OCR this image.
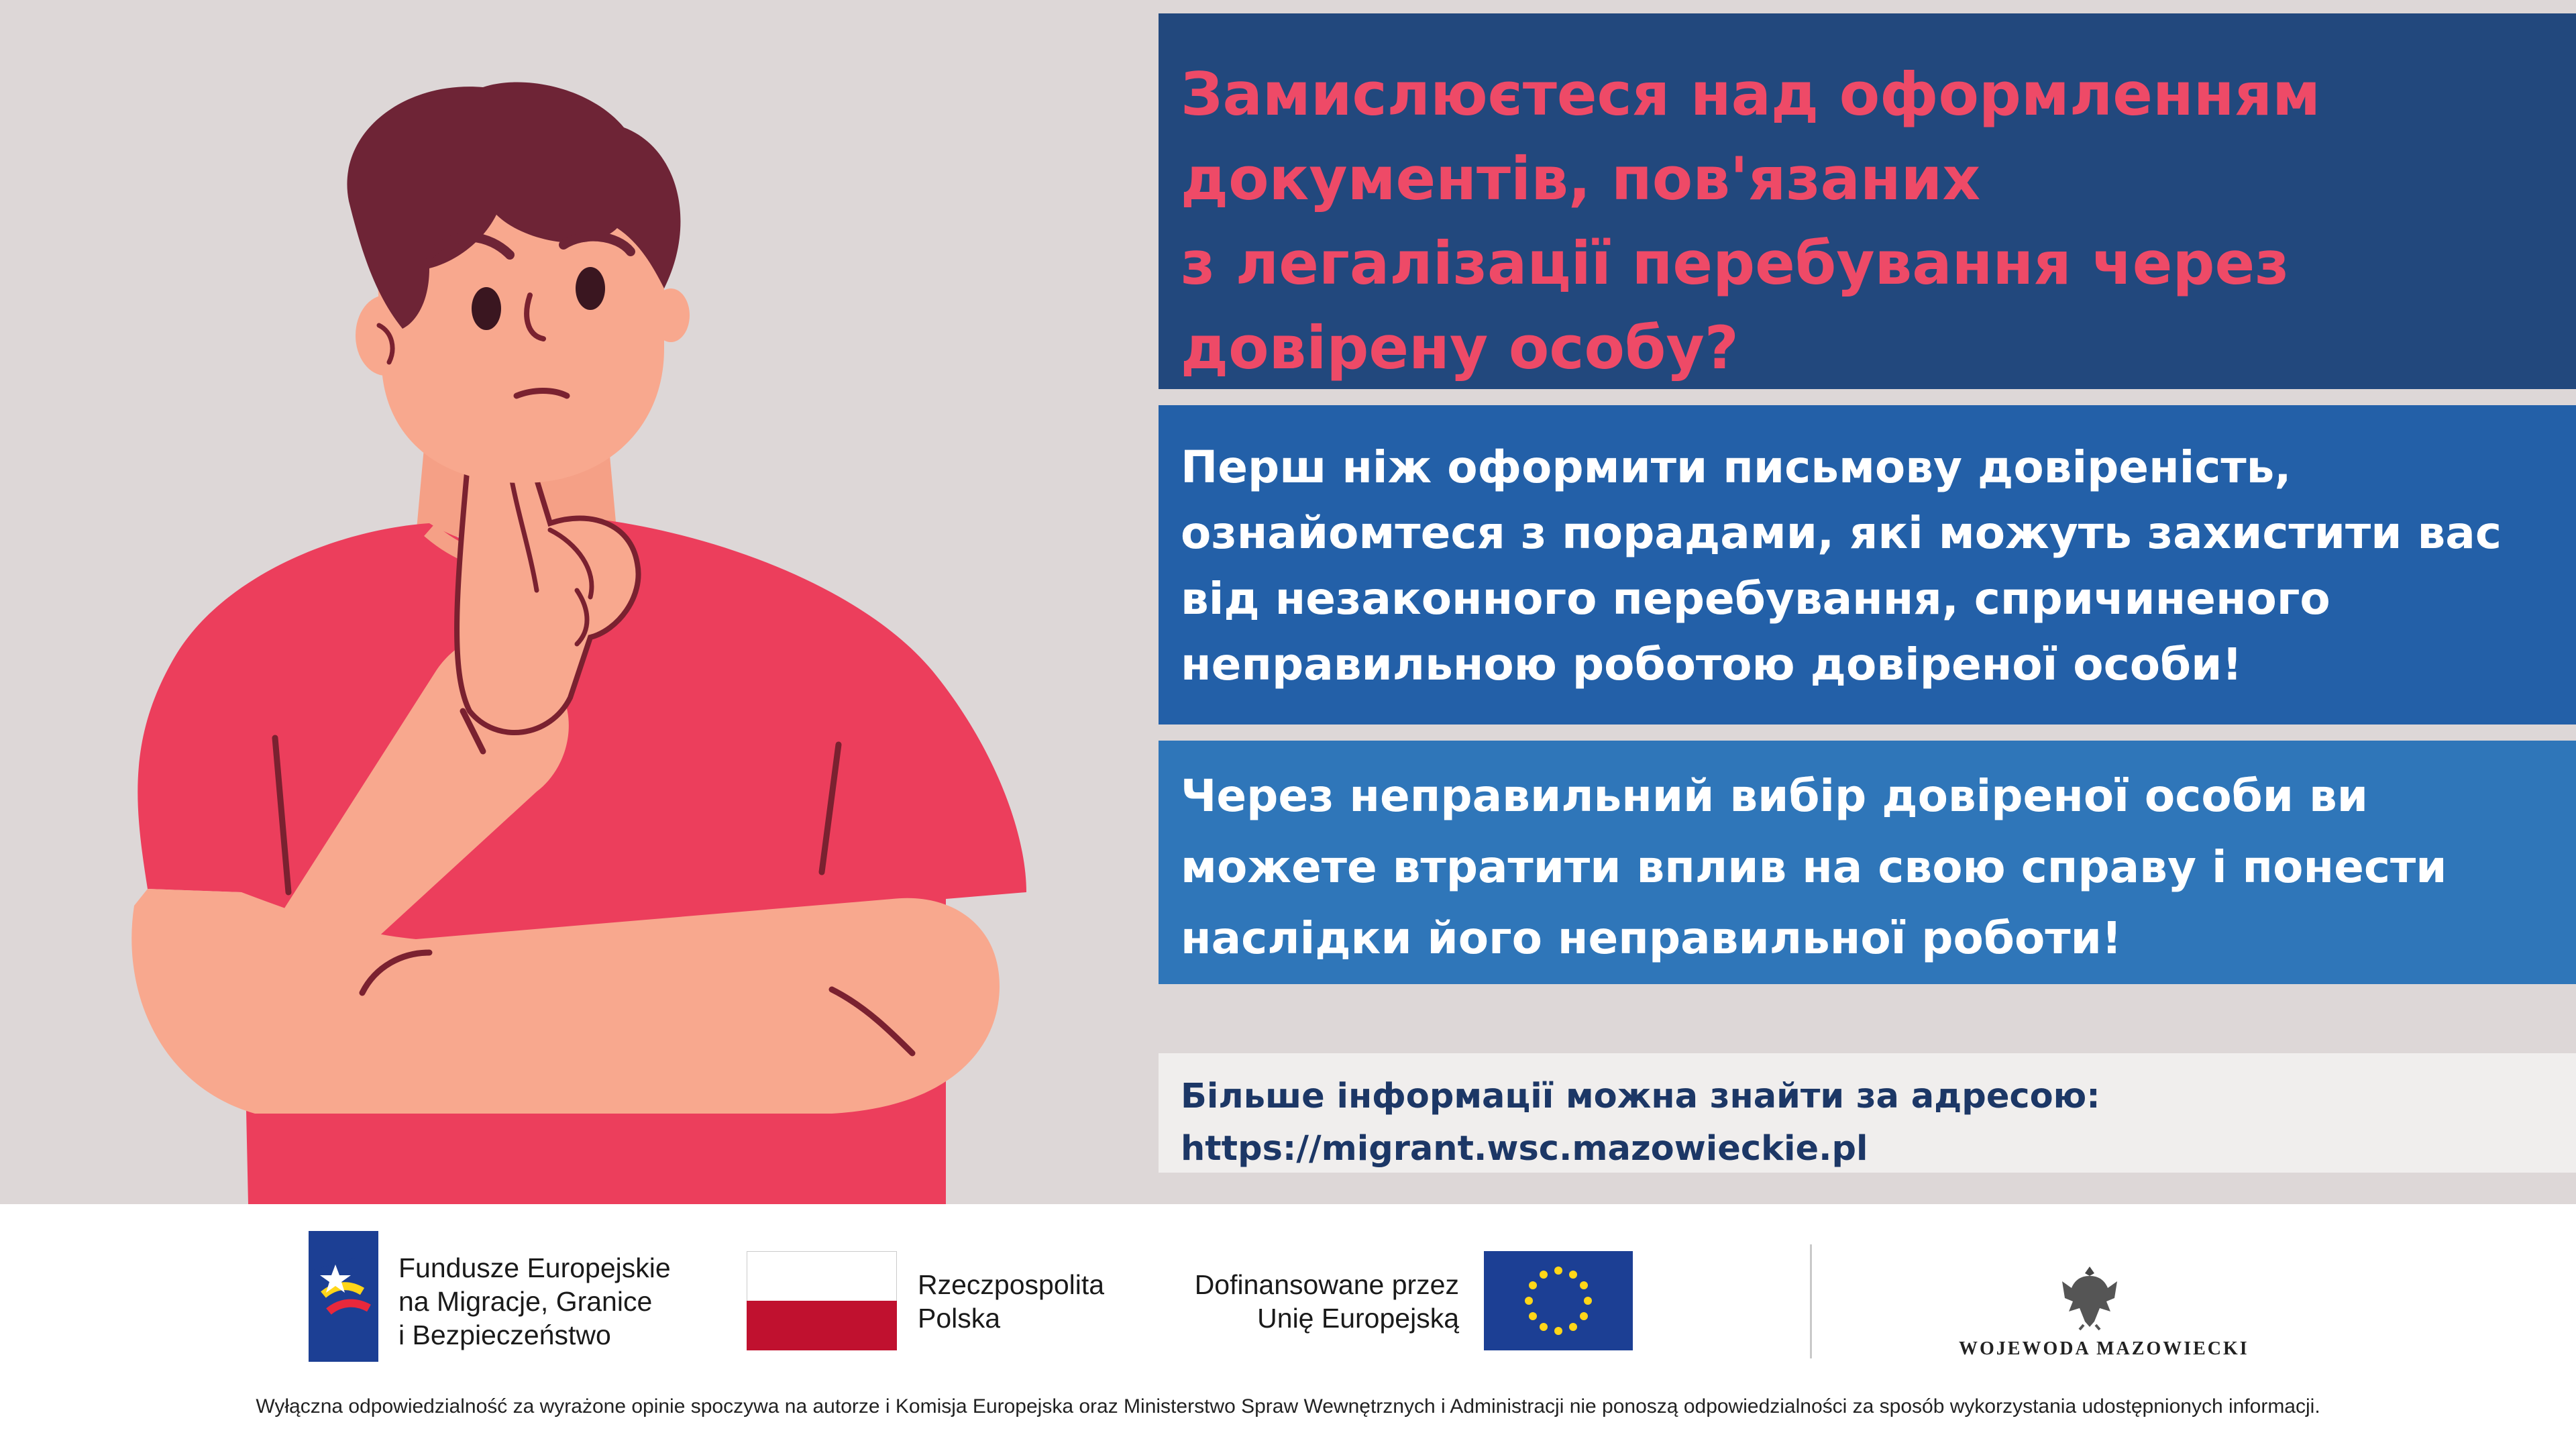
Замислюєтеся над оформленням

документів, пов'язаних

з легалізації перебування через

довірену особу?

Перш ніж оформити письмову довіреність,

ознайомтеся з порадами, які можуть захистити вас

від незаконного перебування, спричиненого

неправильною роботою довіреної особи!

Через неправильний вибір довіреної особи ви

можете втратити вплив на свою справу і понести

наслідки його неправильної роботи!

Більше інформації можна знайти за адресою:

https://migrant.wsc.mazowieckie.pl

Fundusze Europejskie
na Migracje, Granice
i Bezpieczeństwo
Rzeczpospolita
Polska
Dofinansowane przez
Unię Europejską
WOJEWODA MAZOWIECKI
Wyłączna odpowiedzialność za wyrażone opinie spoczywa na autorze i Komisja Europejska oraz Ministerstwo Spraw Wewnętrznych i Administracji nie ponoszą odpowiedzialności za sposób wykorzystania udostępnionych informacji.
